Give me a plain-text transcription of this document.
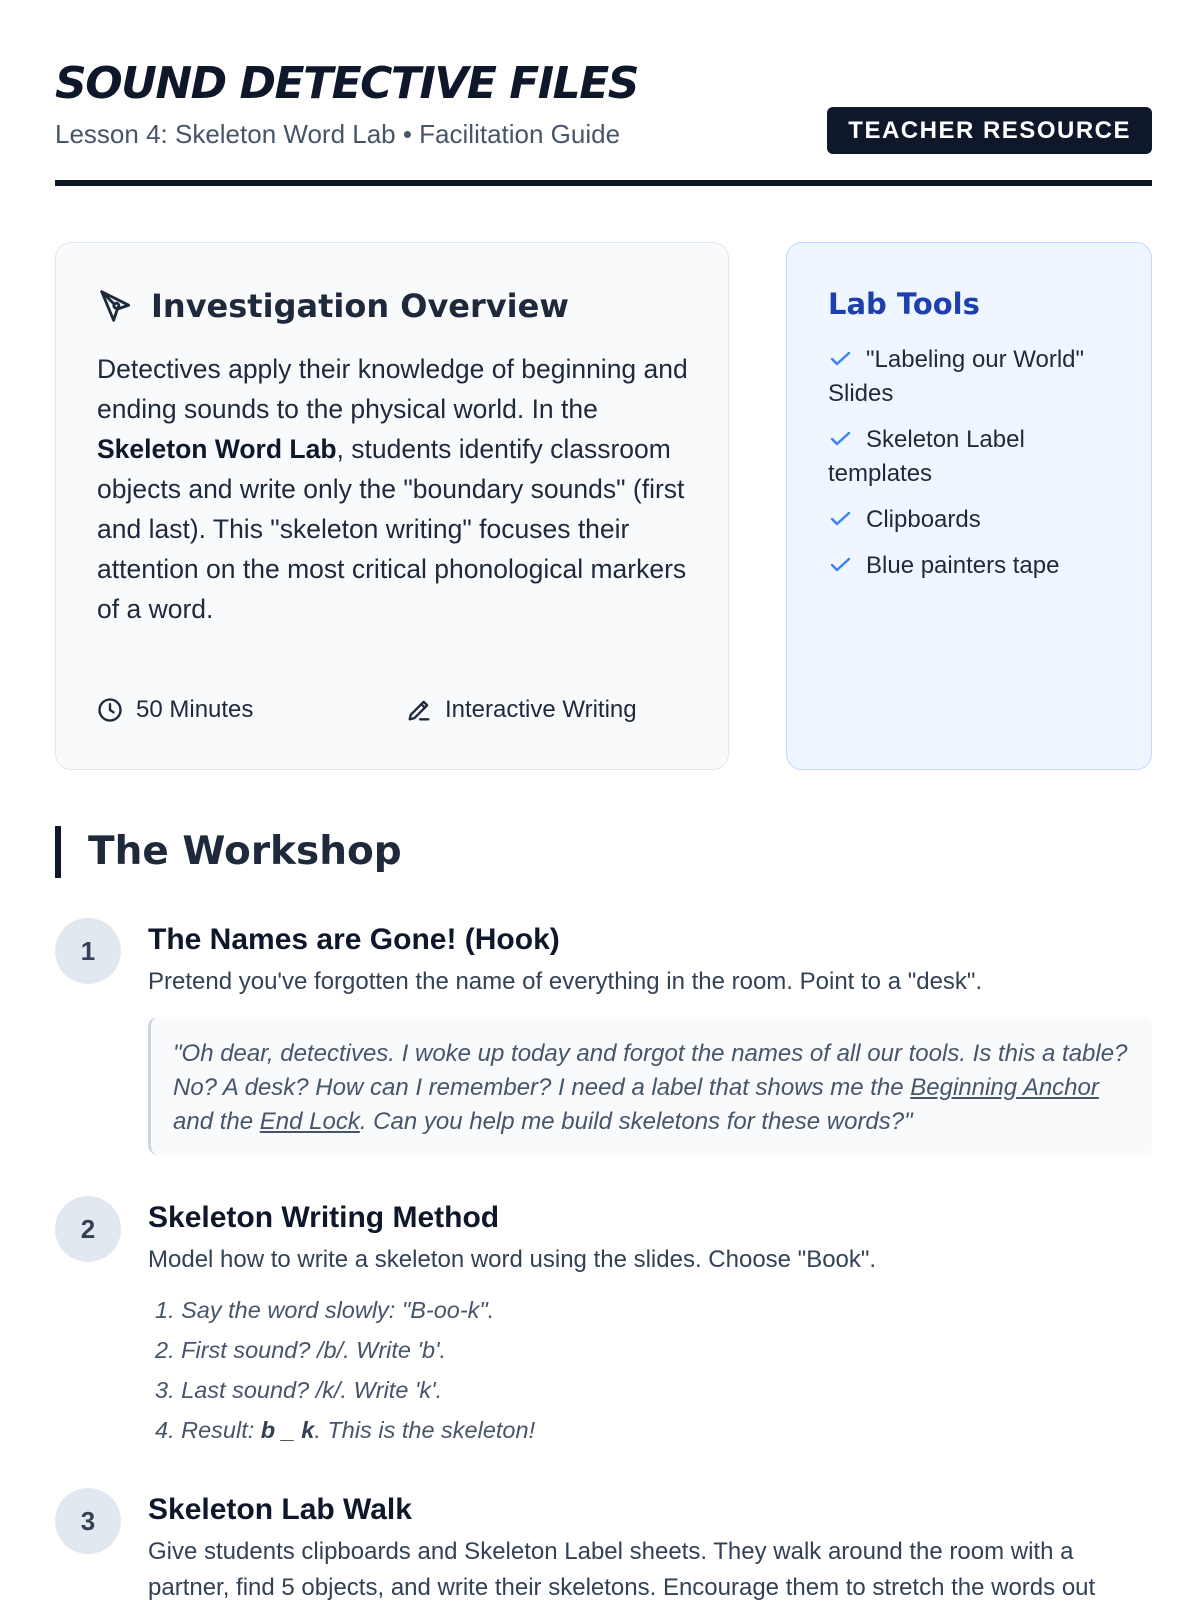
SOUND DETECTIVE FILES
Lesson 4: Skeleton Word Lab • Facilitation Guide	TEACHER RESOURCE
Investigation Overview

Detectives apply their knowledge of beginning and ending sounds to the physical world. In the Skeleton Word Lab, students identify classroom objects and write only the "boundary sounds" (first and last). This "skeleton writing" focuses their attention on the most critical phonological markers of a word.

50 Minutes	Interactive Writing
Lab Tools
"Labeling our World" Slides
Skeleton Label templates
Clipboards
Blue painters tape
The Workshop
1	The Names are Gone! (Hook)

Pretend you've forgotten the name of everything in the room. Point to a "desk".

"Oh dear, detectives. I woke up today and forgot the names of all our tools. Is this a table? No? A desk? How can I remember? I need a label that shows me the Beginning Anchor and the End Lock. Can you help me build skeletons for these words?"
2	Skeleton Writing Method

Model how to write a skeleton word using the slides. Choose "Book".

1. Say the word slowly: "B-oo-k".
2. First sound? /b/. Write 'b'.
3. Last sound? /k/. Write 'k'.
4. Result: b _ k. This is the skeleton!
3	Skeleton Lab Walk

Give students clipboards and Skeleton Label sheets. They walk around the room with a partner, find 5 objects, and write their skeletons. Encourage them to stretch the words out
